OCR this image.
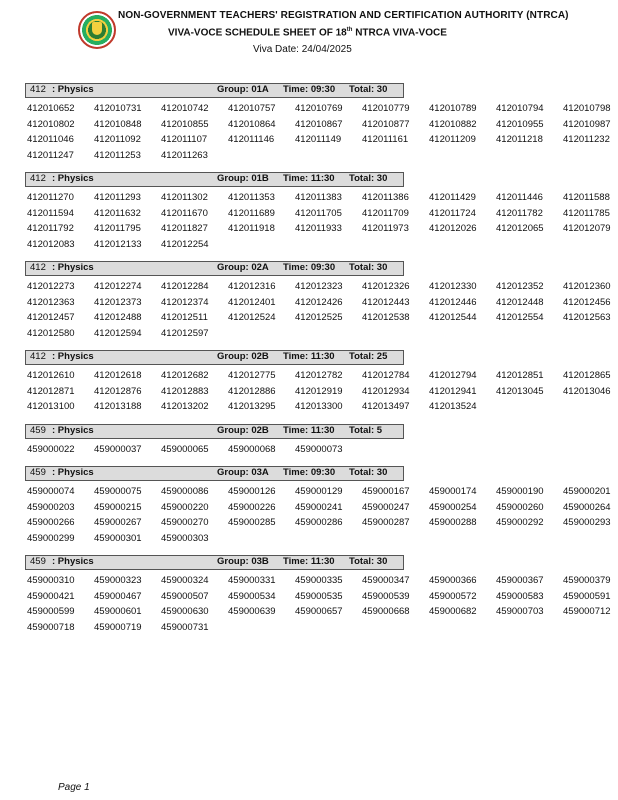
NON-GOVERNMENT TEACHERS' REGISTRATION AND CERTIFICATION AUTHORITY (NTRCA)
VIVA-VOCE SCHEDULE SHEET OF 18th NTRCA VIVA-VOCE
Viva Date: 24/04/2025
412 : Physics	Group: 01A Time: 09:30 Total: 30
412010652	412010731	412010742	412010757	412010769	412010779	412010789	412010794	412010798
412010802	412010848	412010855	412010864	412010867	412010877	412010882	412010955	412010987
412011046	412011092	412011107	412011146	412011149	412011161	412011209	412011218	412011232
412011247	412011253	412011263
412 : Physics	Group: 01B Time: 11:30 Total: 30
412011270	412011293	412011302	412011353	412011383	412011386	412011429	412011446	412011588
412011594	412011632	412011670	412011689	412011705	412011709	412011724	412011782	412011785
412011792	412011795	412011827	412011918	412011933	412011973	412012026	412012065	412012079
412012083	412012133	412012254
412 : Physics	Group: 02A Time: 09:30 Total: 30
412012273	412012274	412012284	412012316	412012323	412012326	412012330	412012352	412012360
412012363	412012373	412012374	412012401	412012426	412012443	412012446	412012448	412012456
412012457	412012488	412012511	412012524	412012525	412012538	412012544	412012554	412012563
412012580	412012594	412012597
412 : Physics	Group: 02B Time: 11:30 Total: 25
412012610	412012618	412012682	412012775	412012782	412012784	412012794	412012851	412012865
412012871	412012876	412012883	412012886	412012919	412012934	412012941	412013045	412013046
412013100	412013188	412013202	412013295	412013300	412013497	412013524
459 : Physics	Group: 02B Time: 11:30 Total: 5
459000022	459000037	459000065	459000068	459000073
459 : Physics	Group: 03A Time: 09:30 Total: 30
459000074	459000075	459000086	459000126	459000129	459000167	459000174	459000190	459000201
459000203	459000215	459000220	459000226	459000241	459000247	459000254	459000260	459000264
459000266	459000267	459000270	459000285	459000286	459000287	459000288	459000292	459000293
459000299	459000301	459000303
459 : Physics	Group: 03B Time: 11:30 Total: 30
459000310	459000323	459000324	459000331	459000335	459000347	459000366	459000367	459000379
459000421	459000467	459000507	459000534	459000535	459000539	459000572	459000583	459000591
459000599	459000601	459000630	459000639	459000657	459000668	459000682	459000703	459000712
459000718	459000719	459000731
Page 1
